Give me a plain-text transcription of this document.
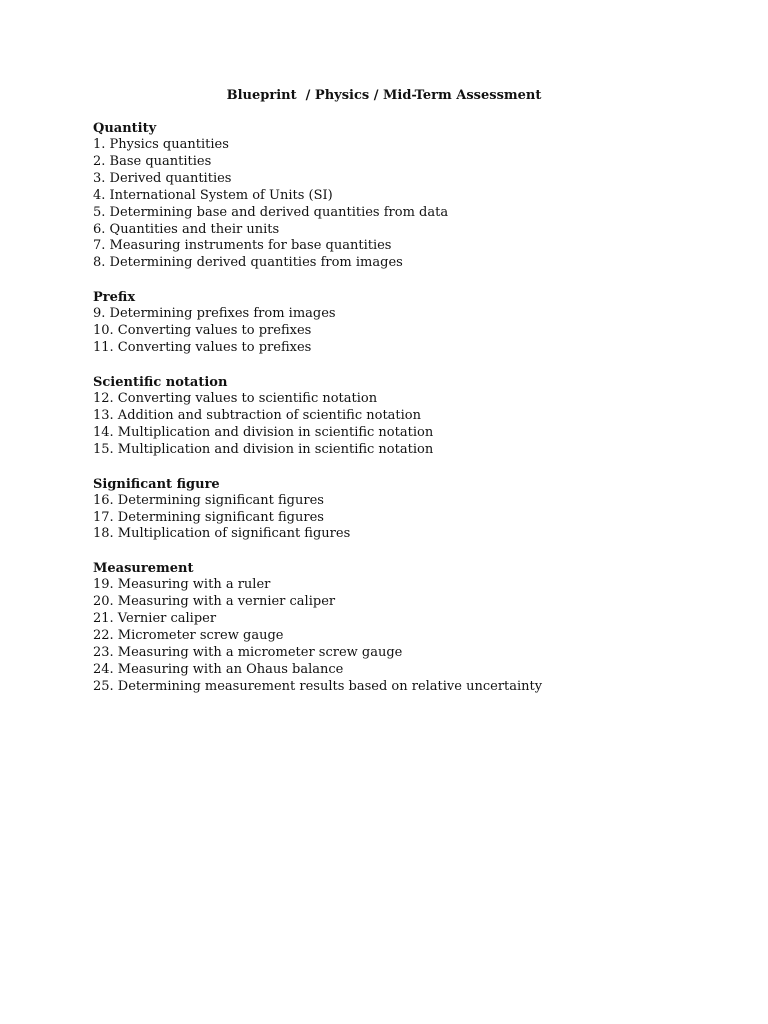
Blueprint  / Physics / Mid-Term Assessment
Quantity
1. Physics quantities
2. Base quantities
3. Derived quantities
4. International System of Units (SI)
5. Determining base and derived quantities from data
6. Quantities and their units
7. Measuring instruments for base quantities
8. Determining derived quantities from images
Prefix
9. Determining prefixes from images
10. Converting values to prefixes
11. Converting values to prefixes
Scientific notation
12. Converting values to scientific notation
13. Addition and subtraction of scientific notation
14. Multiplication and division in scientific notation
15. Multiplication and division in scientific notation
Significant figure
16. Determining significant figures
17. Determining significant figures
18. Multiplication of significant figures
Measurement
19. Measuring with a ruler
20. Measuring with a vernier caliper
21. Vernier caliper
22. Micrometer screw gauge
23. Measuring with a micrometer screw gauge
24. Measuring with an Ohaus balance
25. Determining measurement results based on relative uncertainty
